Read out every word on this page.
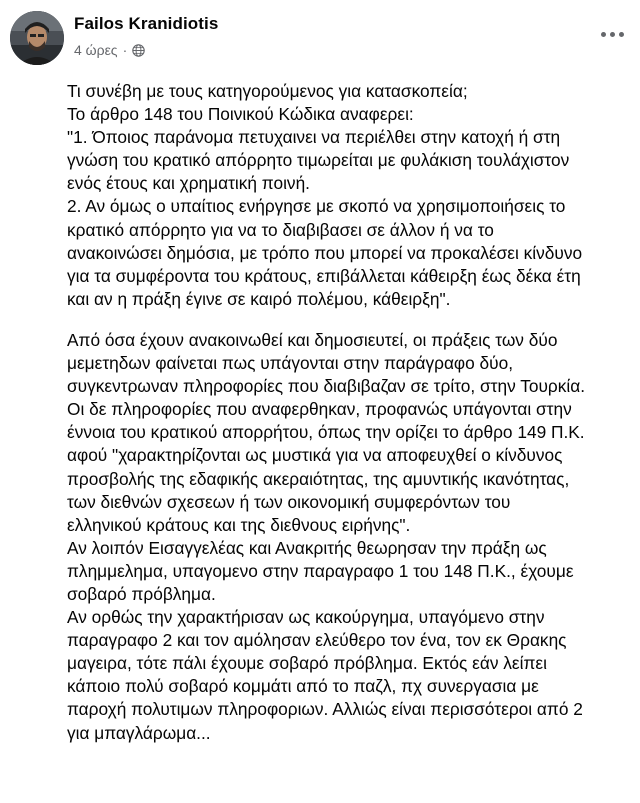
Failos Kranidiotis
4 ώρες ·

Τι συνέβη με τους κατηγορούμενος για κατασκοπεία;
Το άρθρο 148 του Ποινικού Κώδικα αναφερει:
"1. Όποιος παράνομα πετυχαινει να περιέλθει στην κατοχή ή στη
γνώση του κρατικό απόρρητο τιμωρείται με φυλάκιση τουλάχιστον
ενός έτους και χρηματική ποινή.
2. Αν όμως ο υπαίτιος ενήργησε με σκοπό να χρησιμοποιήσεις το
κρατικό απόρρητο για να το διαβιβασει σε άλλον ή να το
ανακοινώσει δημόσια, με τρόπο που μπορεί να προκαλέσει κίνδυνο
για τα συμφέροντα του κράτους, επιβάλλεται κάθειρξη έως δέκα έτη
και αν η πράξη έγινε σε καιρό πολέμου, κάθειρξη".

Από όσα έχουν ανακοινωθεί και δημοσιευτεί, οι πράξεις των δύο
μεμετηδων φαίνεται πως υπάγονται στην παράγραφο δύο,
συγκεντρωναν πληροφορίες που διαβιβαζαν σε τρίτο, στην Τουρκία.
Οι δε πληροφορίες που αναφερθηκαν, προφανώς υπάγονται στην
έννοια του κρατικού απορρήτου, όπως την ορίζει το άρθρο 149 Π.Κ.
αφού "χαρακτηρίζονται ως μυστικά για να αποφευχθεί ο κίνδυνος
προσβολής της εδαφικής ακεραιότητας, της αμυντικής ικανότητας,
των διεθνών σχεσεων ή των οικονομική συμφερόντων του
ελληνικού κράτους και της διεθνους ειρήνης".
Αν λοιπόν Εισαγγελέας και Ανακριτής θεωρησαν την πράξη ως
πλημμελημα, υπαγομενο στην παραγραφο 1 του 148 Π.Κ., έχουμε
σοβαρό πρόβλημα.
Αν ορθώς την χαρακτήρισαν ως κακούργημα, υπαγόμενο στην
παραγραφο 2 και τον αμόλησαν ελεύθερο τον ένα, τον εκ Θρακης
μαγειρα, τότε πάλι έχουμε σοβαρό πρόβλημα. Εκτός εάν λείπει
κάποιο πολύ σοβαρό κομμάτι από το παζλ, πχ συνεργασια με
παροχή πολυτιμων πληροφοριων. Αλλιώς είναι περισσότεροι από 2
για μπαγλάρωμα...
